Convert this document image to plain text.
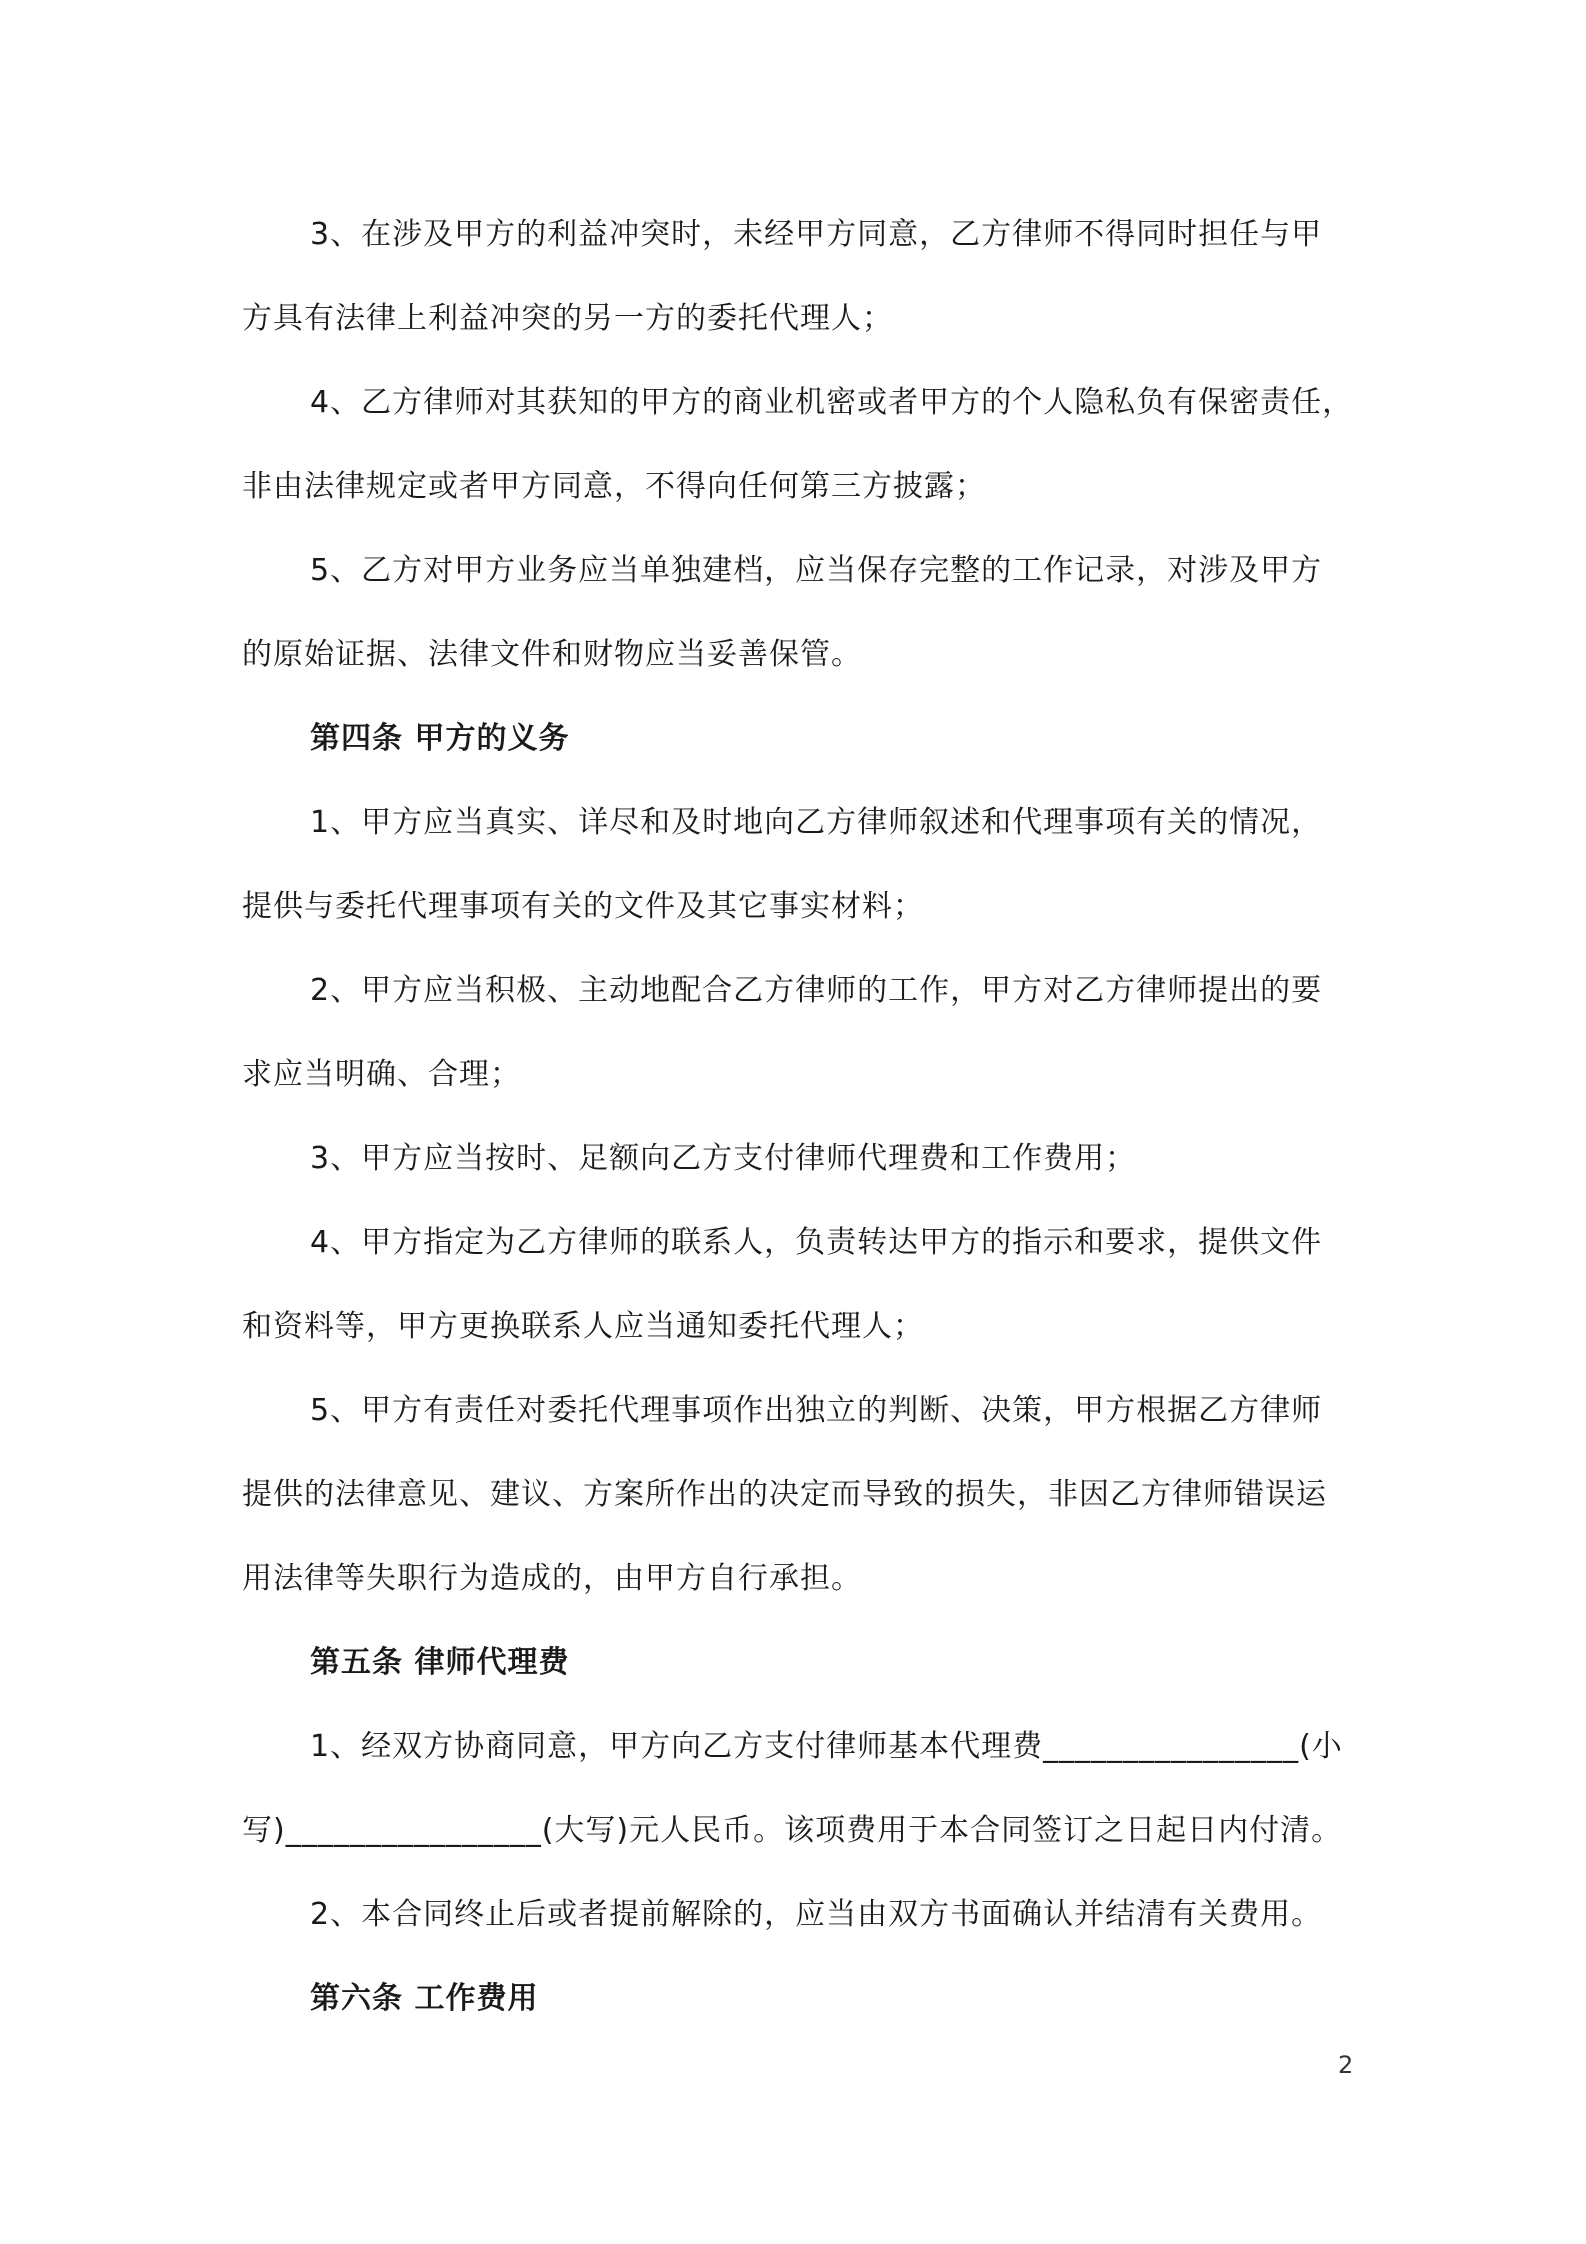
3、在涉及甲方的利益冲突时，未经甲方同意，乙方律师不得同时担任与甲
方具有法律上利益冲突的另一方的委托代理人；
4、乙方律师对其获知的甲方的商业机密或者甲方的个人隐私负有保密责任，
非由法律规定或者甲方同意，不得向任何第三方披露；
5、乙方对甲方业务应当单独建档，应当保存完整的工作记录，对涉及甲方
的原始证据、法律文件和财物应当妥善保管。
第四条 甲方的义务
1、甲方应当真实、详尽和及时地向乙方律师叙述和代理事项有关的情况，
提供与委托代理事项有关的文件及其它事实材料；
2、甲方应当积极、主动地配合乙方律师的工作，甲方对乙方律师提出的要
求应当明确、合理；
3、甲方应当按时、足额向乙方支付律师代理费和工作费用；
4、甲方指定为乙方律师的联系人，负责转达甲方的指示和要求，提供文件
和资料等，甲方更换联系人应当通知委托代理人；
5、甲方有责任对委托代理事项作出独立的判断、决策，甲方根据乙方律师
提供的法律意见、建议、方案所作出的决定而导致的损失，非因乙方律师错误运
用法律等失职行为造成的，由甲方自行承担。
第五条 律师代理费
1、经双方协商同意，甲方向乙方支付律师基本代理费________________(小
写)________________(大写)元人民币。该项费用于本合同签订之日起日内付清。
2、本合同终止后或者提前解除的，应当由双方书面确认并结清有关费用。
第六条 工作费用
2
